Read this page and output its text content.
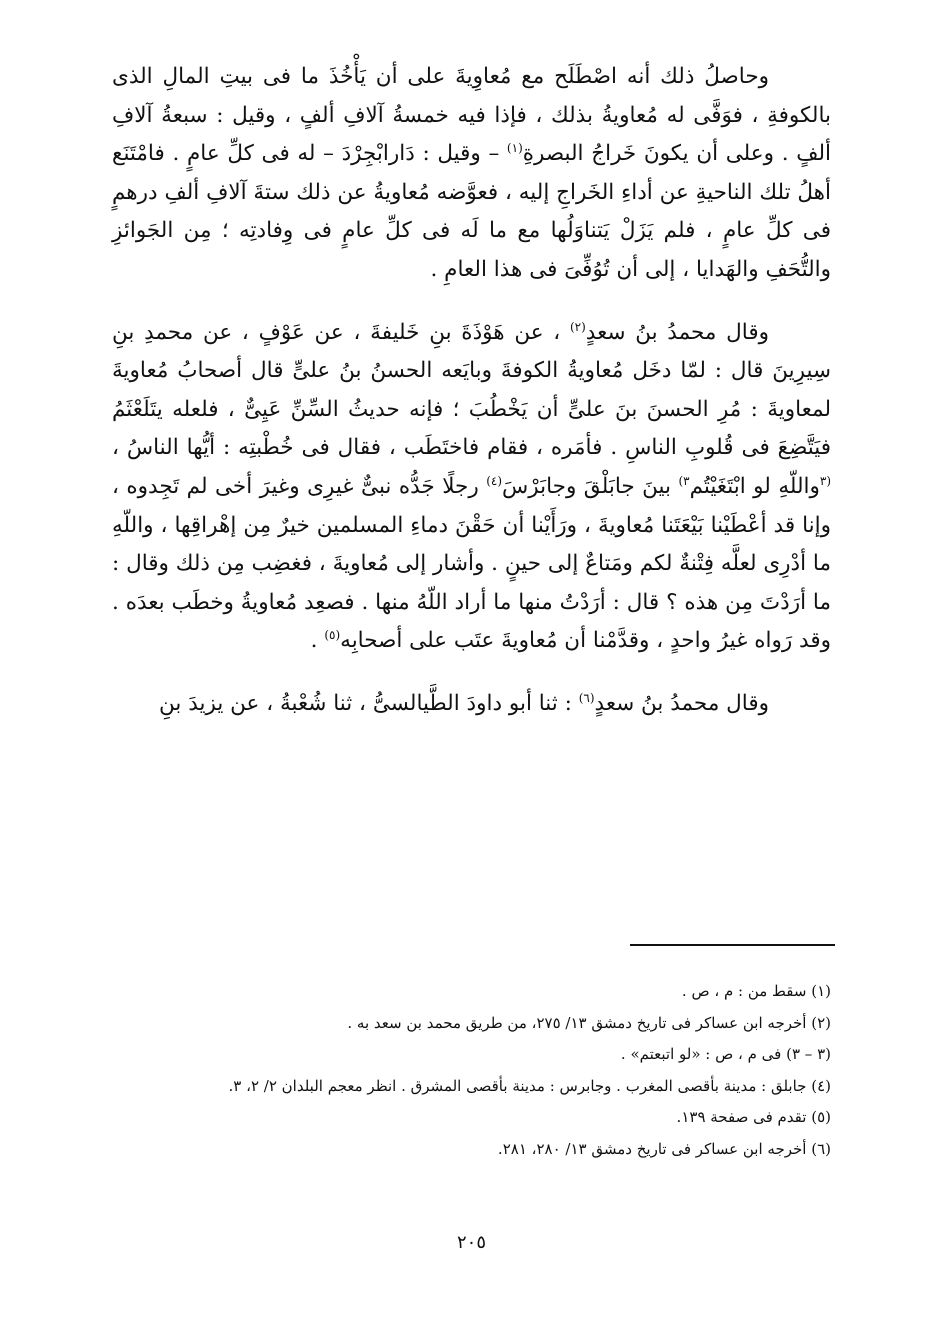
وحاصلُ ذلك أنه اصْطَلَح مع مُعاوِيةَ على أن يَأْخُذَ ما فى بيتِ المالِ الذى بالكوفةِ ، فوَفَّى له مُعاويةُ بذلك ، فإذا فيه خمسةُ آلافِ ألفٍ ، وقيل : سبعةُ آلافِ ألفٍ . وعلى أن يكونَ خَراجُ البصرةِ$^{(١)}$ – وقيل : دَارابْجِرْدَ – له فى كلِّ عامٍ . فامْتَنَع أهلُ تلك الناحيةِ عن أداءِ الخَراجِ إليه ، فعوَّضه مُعاويةُ عن ذلك ستةَ آلافِ ألفِ درهمٍ فى كلِّ عامٍ ، فلم يَزَلْ يَتناوَلُها مع ما لَه فى كلِّ عامٍ فى وِفادتِه ؛ مِن الجَوائزِ والتُّحَفِ والهَدايا ، إلى أن تُوُفِّىَ فى هذا العامِ .

وقال محمدُ بنُ سعدٍ$^{(٢)}$ ، عن هَوْذَةَ بنِ خَليفةَ ، عن عَوْفٍ ، عن محمدِ بنِ سِيرِينَ قال : لمّا دخَل مُعاويةُ الكوفةَ وبايَعه الحسنُ بنُ علىٍّ قال أصحابُ مُعاويةَ لمعاويةَ : مُرِ الحسنَ بنَ علىٍّ أن يَخْطُبَ ؛ فإنه حديثُ السِّنِّ عَيِىٌّ ، فلعله يتَلَعْثَمُ فيَتَّضِعَ فى قُلوبِ الناسِ . فأمَره ، فقام فاختَطَب ، فقال فى خُطْبتِه : أيُّها الناسُ ، $^{(٣}$واللّهِ لو ابْتَغَيْتُم$^{٣)}$ بينَ جابَلْقَ وجابَرْسَ$^{(٤)}$ رجلًا جَدُّه نبىٌّ غيرِى وغيرَ أخى لم تَجِدوه ، وإنا قد أعْطَيْنا بَيْعَتَنا مُعاويةَ ، ورَأَيْنا أن حَقْنَ دماءِ المسلمين خيرٌ مِن إهْراقِها ، واللّهِ ما أدْرِى لعلَّه فِتْنةٌ لكم ومَتاعٌ إلى حينٍ . وأشار إلى مُعاويةَ ، فغضِب مِن ذلك وقال : ما أرَدْتَ مِن هذه ؟ قال : أرَدْتُ منها ما أراد اللّهُ منها . فصعِد مُعاويةُ وخطَب بعدَه . وقد رَواه غيرُ واحدٍ ، وقدَّمْنا أن مُعاويةَ عتَب على أصحابِه$^{(٥)}$ .

وقال محمدُ بنُ سعدٍ$^{(٦)}$ : ثنا أبو داودَ الطَّيالسىُّ ، ثنا شُعْبةُ ، عن يزيدَ بنِ

(١) سقط من : م ، ص .

(٢) أخرجه ابن عساكر فى تاريخ دمشق ١٣/ ٢٧٥، من طريق محمد بن سعد به .

(٣ – ٣) فى م ، ص : «لو اتبعتم» .

(٤) جابلق : مدينة بأقصى المغرب . وجابرس : مدينة بأقصى المشرق . انظر معجم البلدان ٢/ ٢، ٣.

(٥) تقدم فى صفحة ١٣٩.

(٦) أخرجه ابن عساكر فى تاريخ دمشق ١٣/ ٢٨٠، ٢٨١.

٢٠٥
